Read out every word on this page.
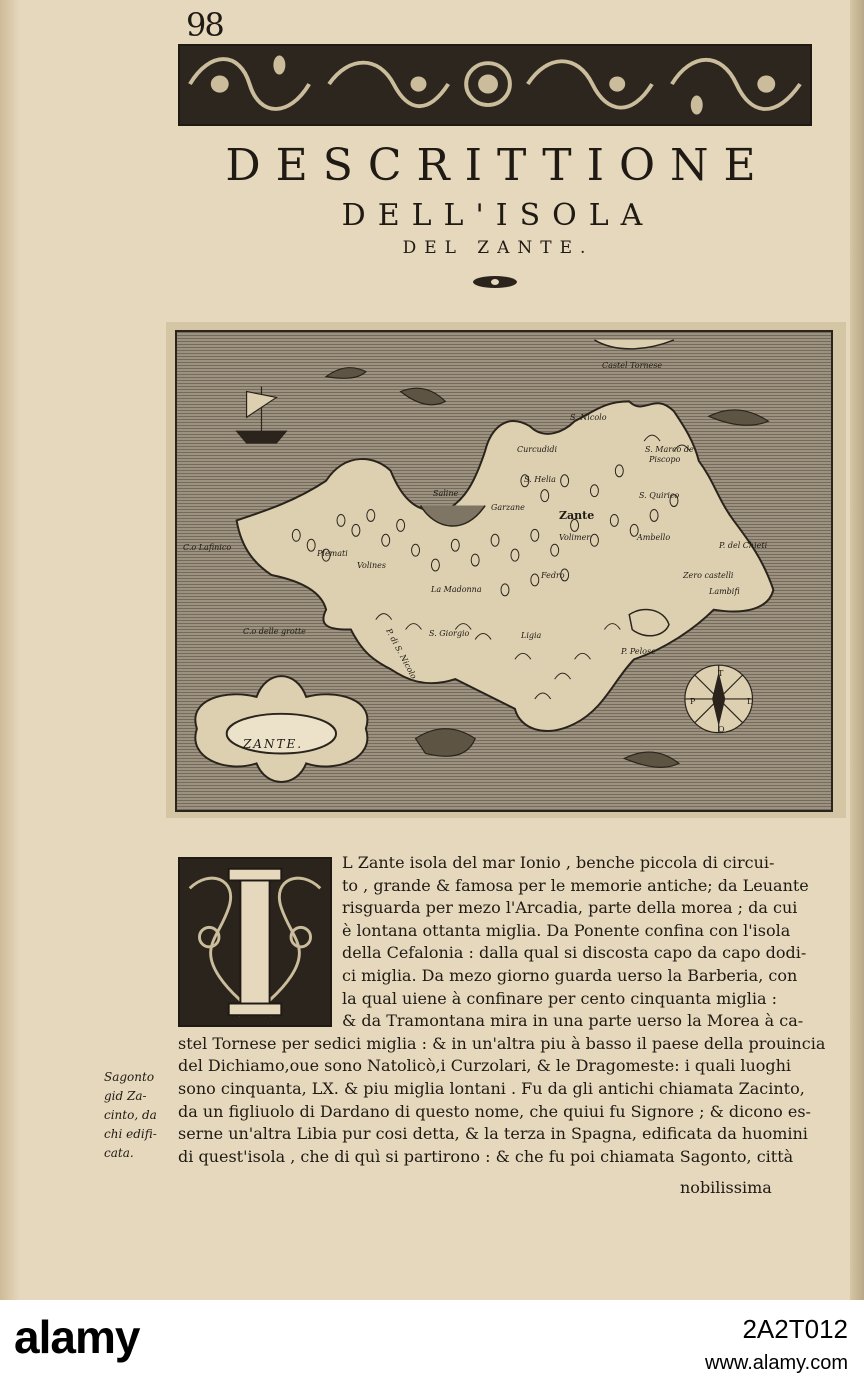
98
DESCRITTIONE
DELL'ISOLA
DEL ZANTE.
Castel Tornese
S. Nicolo
Curcudidi	S. Marco de
Piscopo
Saline
S. Helia
Garzane
S. Quirico
Zante
Volimer	Ambello
P. del Chieti
C.o Lafinico
Plemati
Volines
Fedro	Zero castelli
Lambifi
La Madonna
C.o delle grotte	S. Giorgio	Ligia
P. di S. Nicolo	P. Pelose
T
L
O
P
ZANTE.
L Zante isola del mar Ionio , benche piccola di circui-
to , grande & famosa per le memorie antiche; da Leuante
risguarda per mezo l'Arcadia, parte della morea ; da cui
è lontana ottanta miglia. Da Ponente confina con l'isola
della Cefalonia : dalla qual si discosta capo da capo dodi-
ci miglia. Da mezo giorno guarda uerso la Barberia, con
la qual uiene à confinare per cento cinquanta miglia :
& da Tramontana mira in una parte uerso la Morea à ca-
stel Tornese per sedici miglia : & in un'altra piu à basso il paese della prouincia
del Dichiamo,oue sono Natolicò,i Curzolari, & le Dragomeste: i quali luoghi
sono cinquanta, LX. & piu miglia lontani . Fu da gli antichi chiamata Zacinto,
da un figliuolo di Dardano di questo nome, che quiui fu Signore ; & dicono es-
serne un'altra Libia pur cosi detta, & la terza in Spagna, edificata da huomini
di quest'isola , che di quì si partirono : & che fu poi chiamata Sagonto, città
Sagonto
gid Za-
cinto, da
chi edifi-
cata.
nobilissima
alamy	2A2T012
www.alamy.com
